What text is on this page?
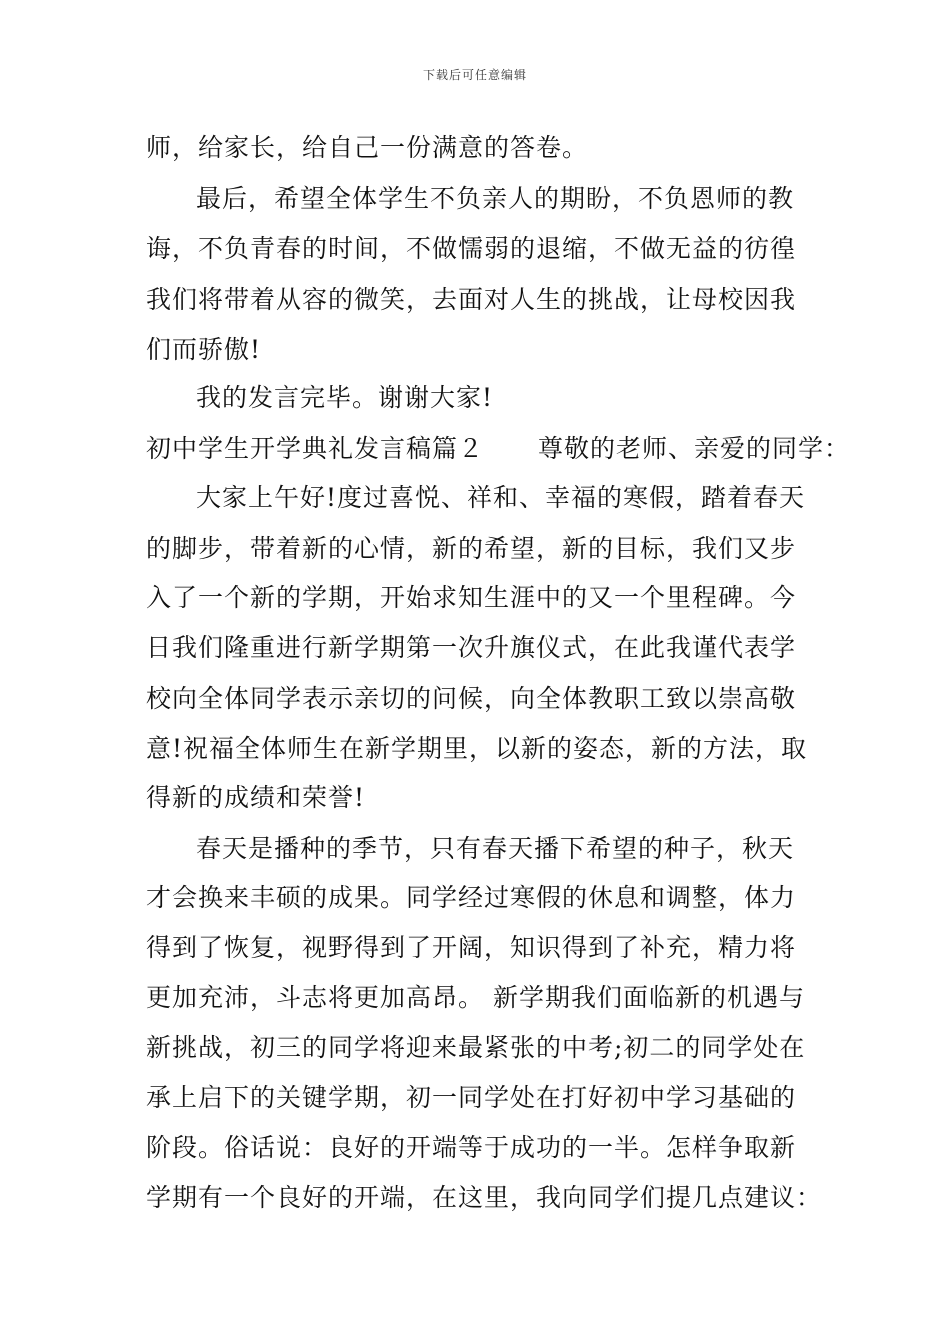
下载后可任意编辑
师，给家长，给自己一份满意的答卷。
最后，希望全体学生不负亲人的期盼，不负恩师的教
诲，不负青春的时间，不做懦弱的退缩，不做无益的彷徨
我们将带着从容的微笑，去面对人生的挑战，让母校因我
们而骄傲!
我的发言完毕。谢谢大家!
初中学生开学典礼发言稿篇２ 尊敬的老师、亲爱的同学：
大家上午好!度过喜悦、祥和、幸福的寒假，踏着春天
的脚步，带着新的心情，新的希望，新的目标，我们又步
入了一个新的学期，开始求知生涯中的又一个里程碑。今
日我们隆重进行新学期第一次升旗仪式，在此我谨代表学
校向全体同学表示亲切的问候，向全体教职工致以崇高敬
意!祝福全体师生在新学期里，以新的姿态，新的方法，取
得新的成绩和荣誉!
春天是播种的季节，只有春天播下希望的种子，秋天
才会换来丰硕的成果。同学经过寒假的休息和调整，体力
得到了恢复，视野得到了开阔，知识得到了补充，精力将
更加充沛，斗志将更加高昂。 新学期我们面临新的机遇与
新挑战，初三的同学将迎来最紧张的中考;初二的同学处在
承上启下的关键学期，初一同学处在打好初中学习基础的
阶段。俗话说：良好的开端等于成功的一半。怎样争取新
学期有一个良好的开端，在这里，我向同学们提几点建议：
